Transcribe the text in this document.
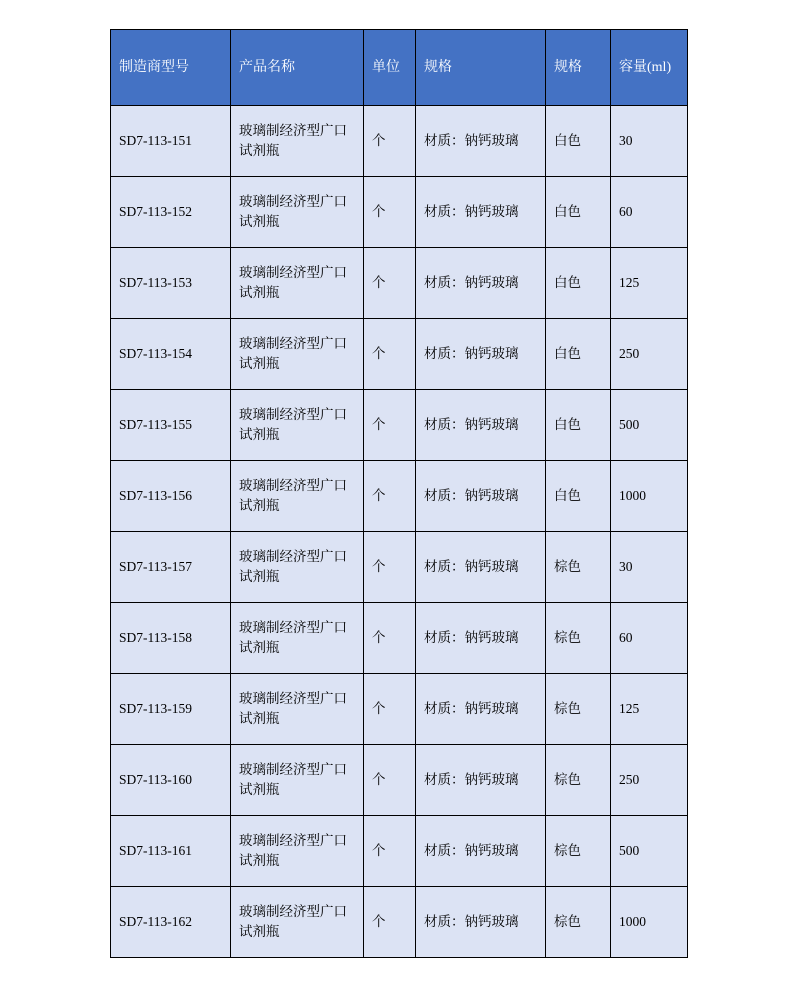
制造商型号	产品名称	单位	规格	规格	容量(ml)
SD7-113-151	玻璃制经济型广口试剂瓶	个	材质：钠钙玻璃	白色	30
SD7-113-152	玻璃制经济型广口试剂瓶	个	材质：钠钙玻璃	白色	60
SD7-113-153	玻璃制经济型广口试剂瓶	个	材质：钠钙玻璃	白色	125
SD7-113-154	玻璃制经济型广口试剂瓶	个	材质：钠钙玻璃	白色	250
SD7-113-155	玻璃制经济型广口试剂瓶	个	材质：钠钙玻璃	白色	500
SD7-113-156	玻璃制经济型广口试剂瓶	个	材质：钠钙玻璃	白色	1000
SD7-113-157	玻璃制经济型广口试剂瓶	个	材质：钠钙玻璃	棕色	30
SD7-113-158	玻璃制经济型广口试剂瓶	个	材质：钠钙玻璃	棕色	60
SD7-113-159	玻璃制经济型广口试剂瓶	个	材质：钠钙玻璃	棕色	125
SD7-113-160	玻璃制经济型广口试剂瓶	个	材质：钠钙玻璃	棕色	250
SD7-113-161	玻璃制经济型广口试剂瓶	个	材质：钠钙玻璃	棕色	500
SD7-113-162	玻璃制经济型广口试剂瓶	个	材质：钠钙玻璃	棕色	1000
